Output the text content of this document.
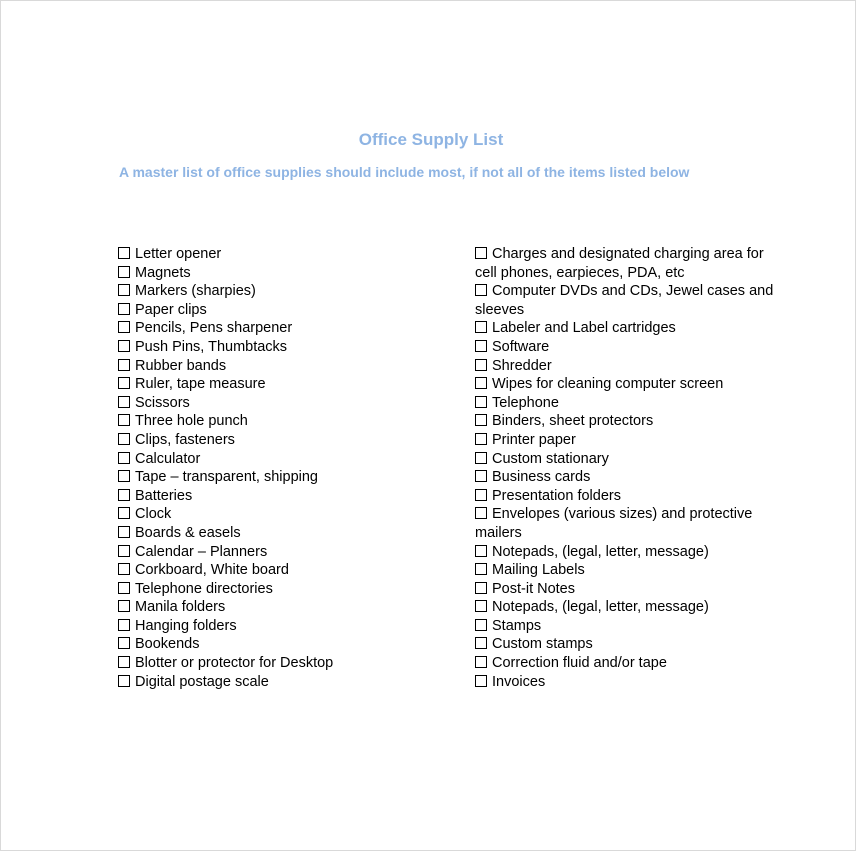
Office Supply List

A master list of office supplies should include most, if not all of the items listed below

Letter opener
Magnets
Markers (sharpies)
Paper clips
Pencils, Pens sharpener
Push Pins, Thumbtacks
Rubber bands
Ruler, tape measure
Scissors
Three hole punch
Clips, fasteners
Calculator
Tape – transparent, shipping
Batteries
Clock
Boards & easels
Calendar – Planners
Corkboard, White board
Telephone directories
Manila folders
Hanging folders
Bookends
Blotter or protector for Desktop
Digital postage scale
Charges and designated charging area for cell phones, earpieces, PDA, etc
Computer DVDs and CDs, Jewel cases and sleeves
Labeler and Label cartridges
Software
Shredder
Wipes for cleaning computer screen
Telephone
Binders, sheet protectors
Printer paper
Custom stationary
Business cards
Presentation folders
Envelopes (various sizes) and protective mailers
Notepads, (legal, letter, message)
Mailing Labels
Post-it Notes
Notepads, (legal, letter, message)
Stamps
Custom stamps
Correction fluid and/or tape
Invoices
